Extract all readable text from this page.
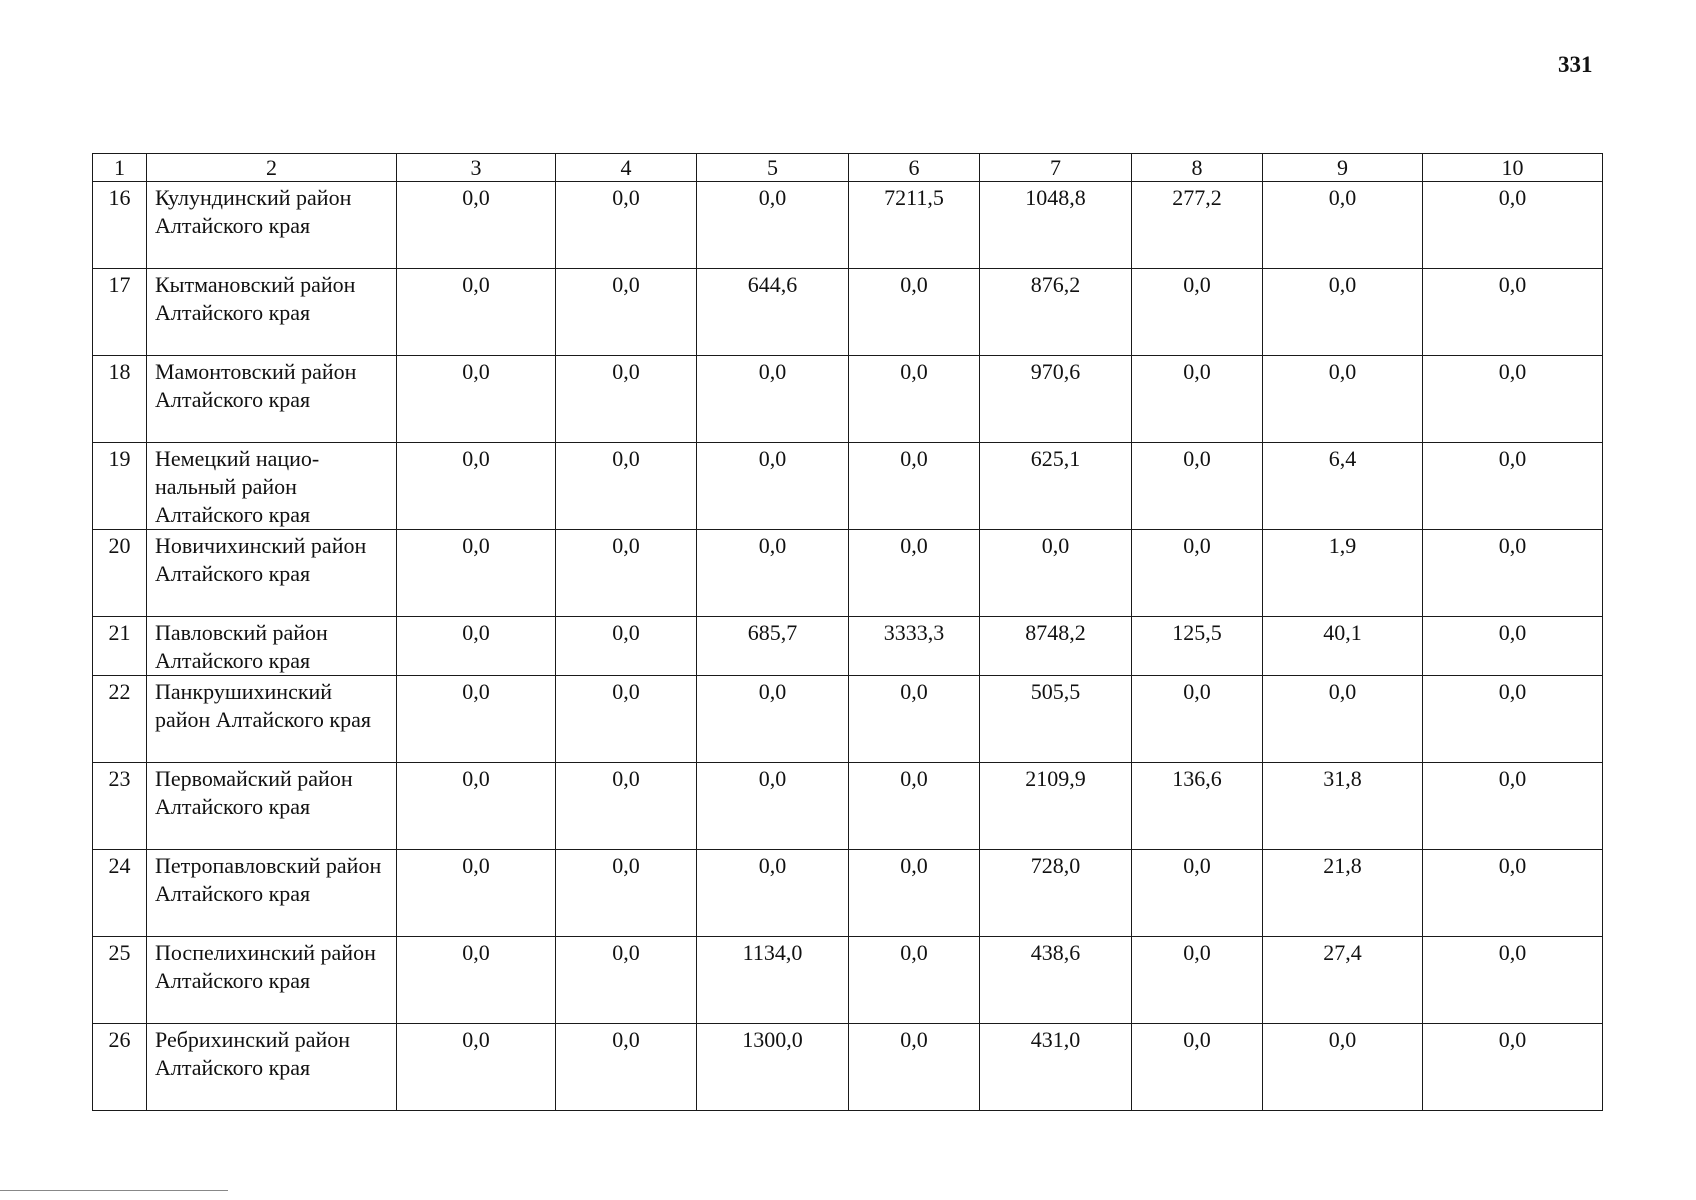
331
1	2	3	4	5	6	7	8	9	10
16	Кулундинский район Алтайского края	0,0	0,0	0,0	7211,5	1048,8	277,2	0,0	0,0
17	Кытмановский район Алтайского края	0,0	0,0	644,6	0,0	876,2	0,0	0,0	0,0
18	Мамонтовский район Алтайского края	0,0	0,0	0,0	0,0	970,6	0,0	0,0	0,0
19	Немецкий нацио-нальный район Алтайского края	0,0	0,0	0,0	0,0	625,1	0,0	6,4	0,0
20	Новичихинский район Алтайского края	0,0	0,0	0,0	0,0	0,0	0,0	1,9	0,0
21	Павловский район Алтайского края	0,0	0,0	685,7	3333,3	8748,2	125,5	40,1	0,0
22	Панкрушихинский район Алтайского края	0,0	0,0	0,0	0,0	505,5	0,0	0,0	0,0
23	Первомайский район Алтайского края	0,0	0,0	0,0	0,0	2109,9	136,6	31,8	0,0
24	Петропавловский район Алтайского края	0,0	0,0	0,0	0,0	728,0	0,0	21,8	0,0
25	Поспелихинский район Алтайского края	0,0	0,0	1134,0	0,0	438,6	0,0	27,4	0,0
26	Ребрихинский район Алтайского края	0,0	0,0	1300,0	0,0	431,0	0,0	0,0	0,0
